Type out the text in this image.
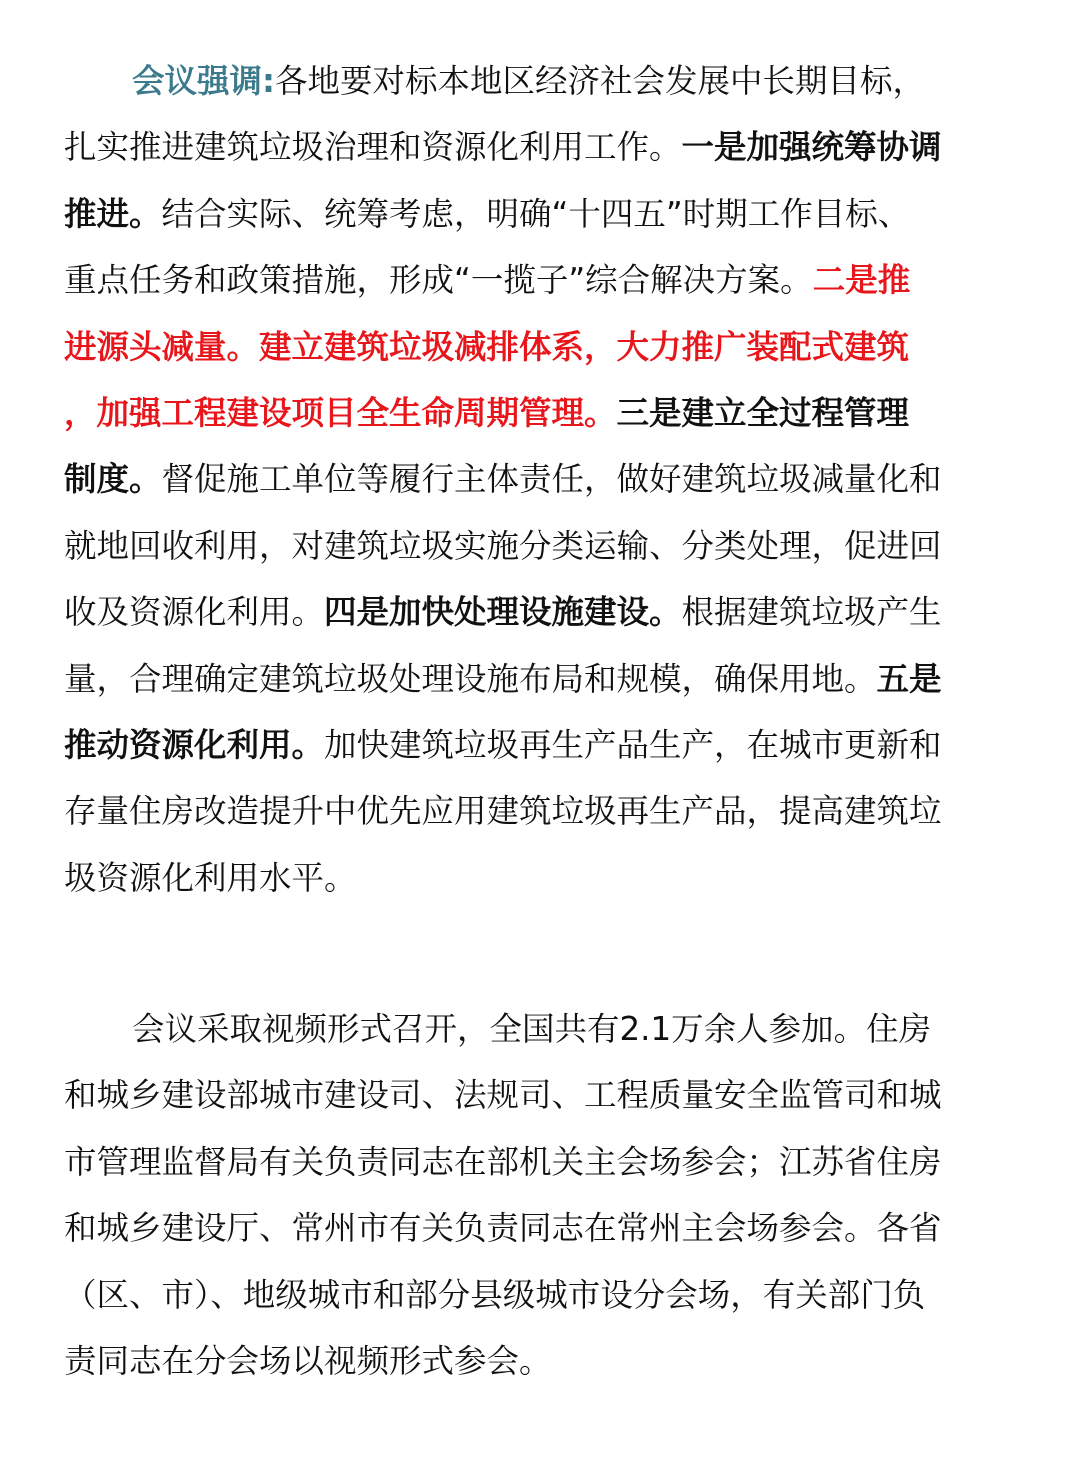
会议强调:各地要对标本地区经济社会发展中长期目标，
扎实推进建筑垃圾治理和资源化利用工作。一是加强统筹协调
推进。结合实际、统筹考虑，明确“十四五”时期工作目标、
重点任务和政策措施，形成“一揽子”综合解决方案。二是推
进源头减量。建立建筑垃圾减排体系，大力推广装配式建筑
，加强工程建设项目全生命周期管理。三是建立全过程管理
制度。督促施工单位等履行主体责任，做好建筑垃圾减量化和
就地回收利用，对建筑垃圾实施分类运输、分类处理，促进回
收及资源化利用。四是加快处理设施建设。根据建筑垃圾产生
量，合理确定建筑垃圾处理设施布局和规模，确保用地。五是
推动资源化利用。加快建筑垃圾再生产品生产，在城市更新和
存量住房改造提升中优先应用建筑垃圾再生产品，提高建筑垃
圾资源化利用水平。
会议采取视频形式召开，全国共有2.1万余人参加。住房
和城乡建设部城市建设司、法规司、工程质量安全监管司和城
市管理监督局有关负责同志在部机关主会场参会；江苏省住房
和城乡建设厅、常州市有关负责同志在常州主会场参会。各省
（区、市）、地级城市和部分县级城市设分会场，有关部门负
责同志在分会场以视频形式参会。
